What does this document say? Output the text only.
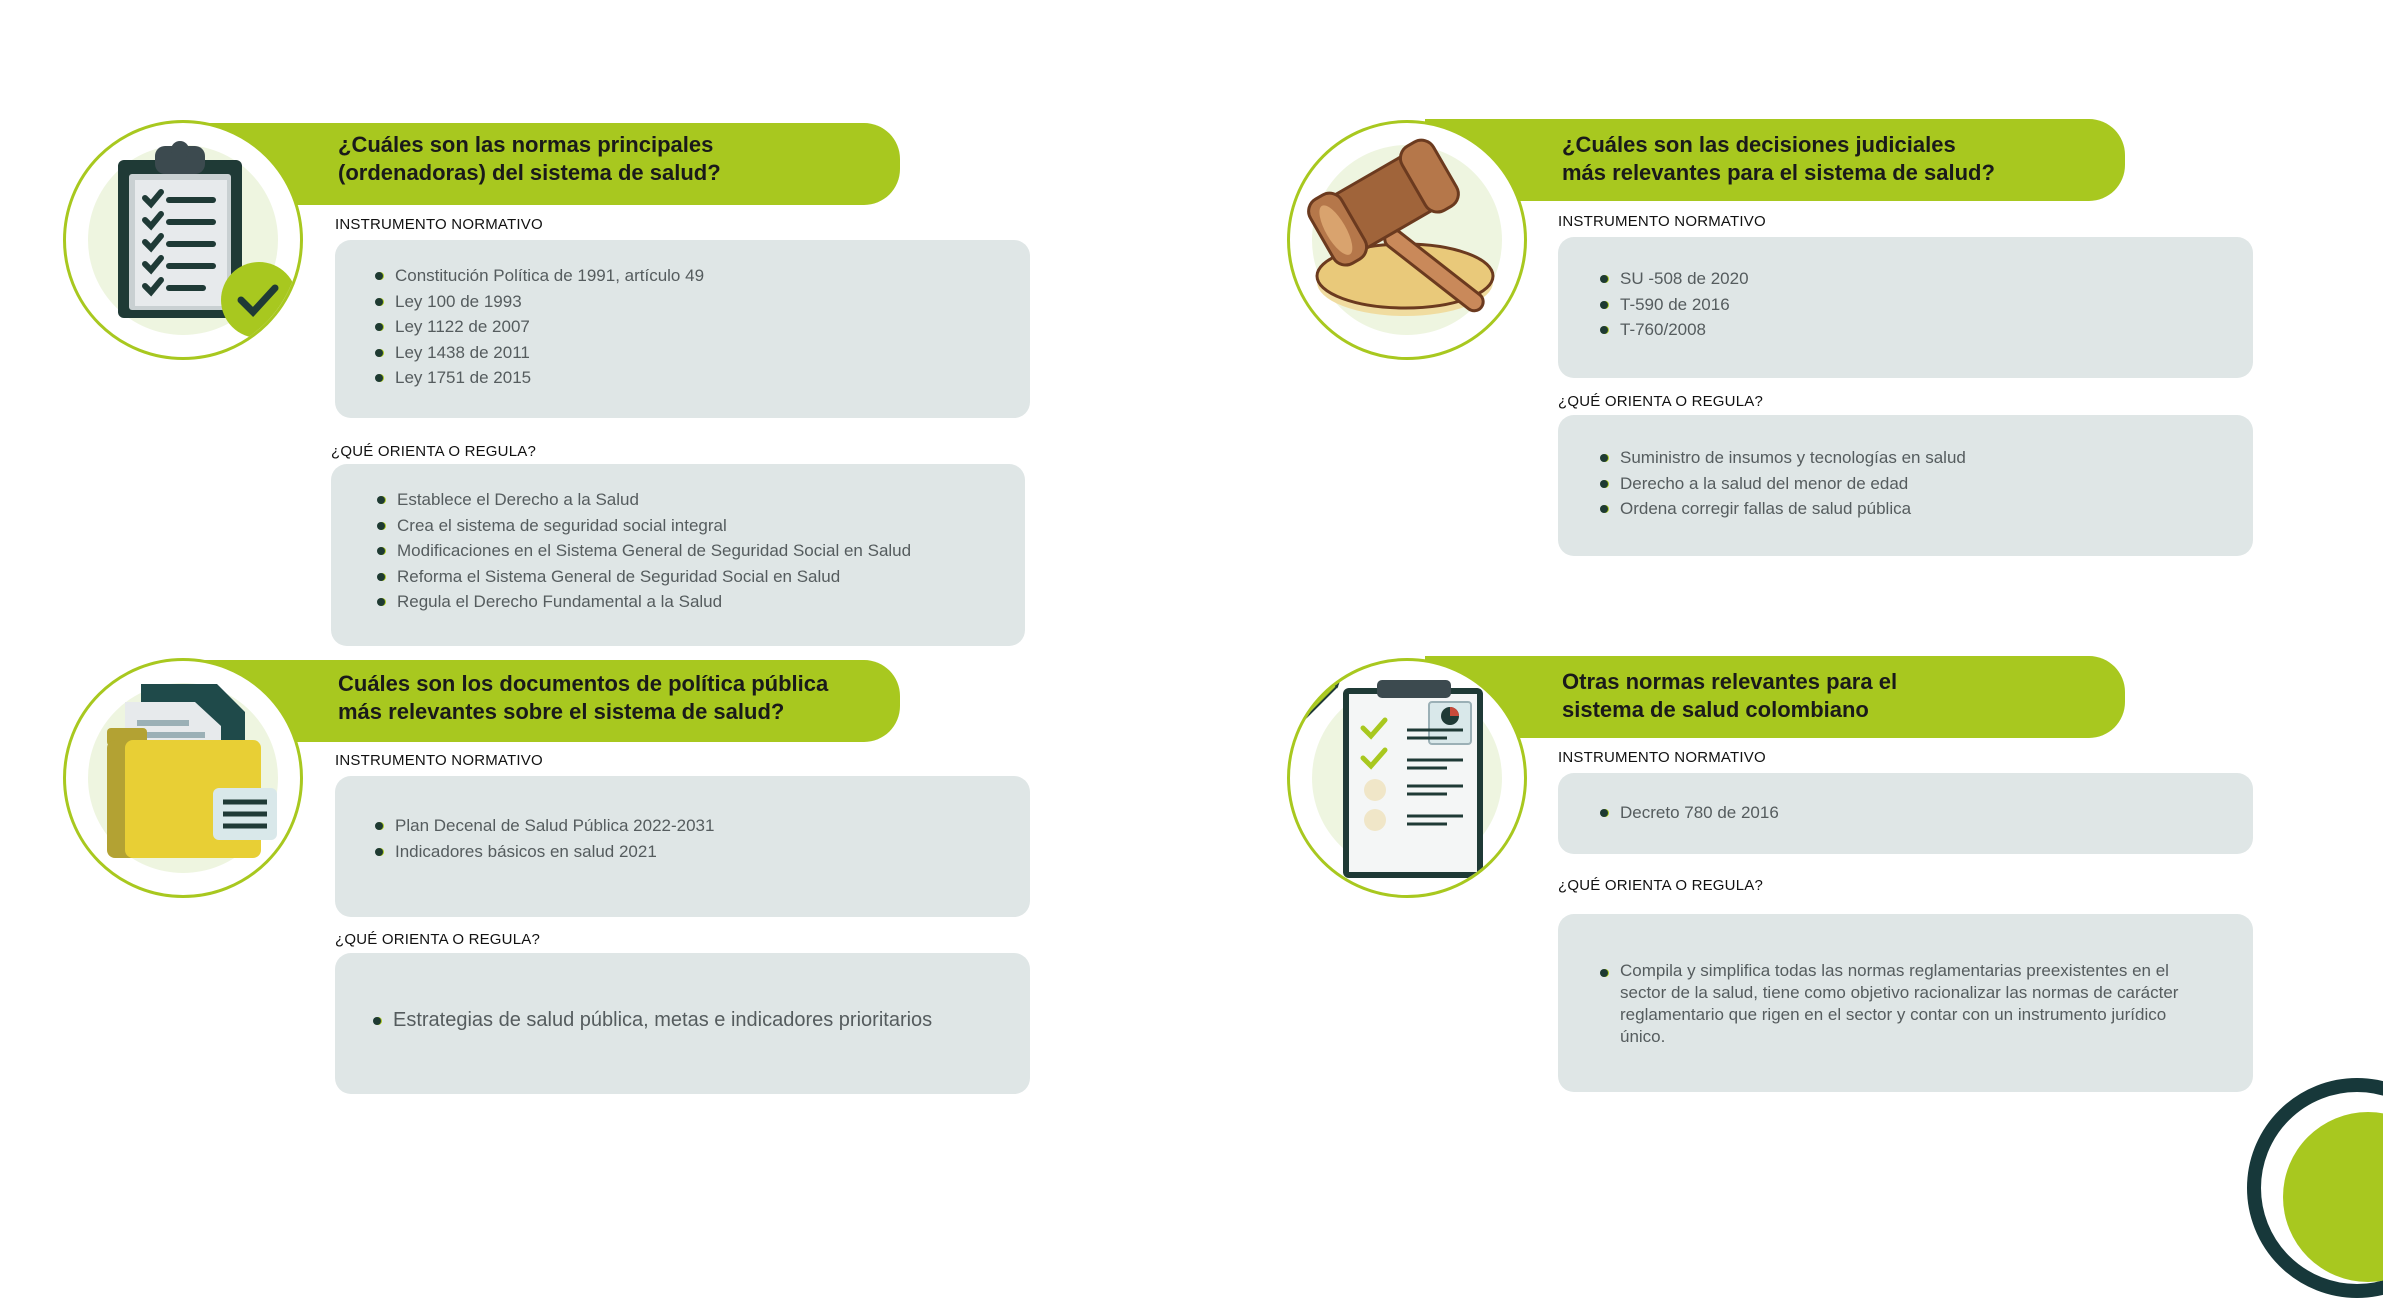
¿Cuáles son las normas principales
(ordenadoras) del sistema de salud?
INSTRUMENTO NORMATIVO
Constitución Política de 1991, artículo 49
Ley 100 de 1993
Ley 1122 de 2007
Ley 1438 de 2011
Ley 1751 de 2015
¿QUÉ ORIENTA O REGULA?
Establece el Derecho a la Salud
Crea el sistema de seguridad social integral
Modificaciones en el Sistema General de Seguridad Social en Salud
Reforma el Sistema General de Seguridad Social en Salud
Regula el Derecho Fundamental a la Salud
¿Cuáles son las decisiones judiciales
más relevantes para el sistema de salud?
INSTRUMENTO NORMATIVO
SU -508 de 2020
T-590 de 2016
T-760/2008
¿QUÉ ORIENTA O REGULA?
Suministro de insumos y tecnologías en salud
Derecho a la salud del menor de edad
Ordena corregir fallas de salud pública
Cuáles son los documentos de política pública
más relevantes sobre el sistema de salud?
INSTRUMENTO NORMATIVO
Plan Decenal de Salud Pública 2022-2031
Indicadores básicos en salud 2021
¿QUÉ ORIENTA O REGULA?
Estrategias de salud pública, metas e indicadores prioritarios
Otras normas relevantes para el
sistema de salud colombiano
INSTRUMENTO NORMATIVO
Decreto 780 de 2016
¿QUÉ ORIENTA O REGULA?
Compila y simplifica todas las normas reglamentarias preexistentes en el sector de la salud, tiene como objetivo racionalizar las normas de carácter reglamentario que rigen en el sector y contar con un instrumento jurídico único.
